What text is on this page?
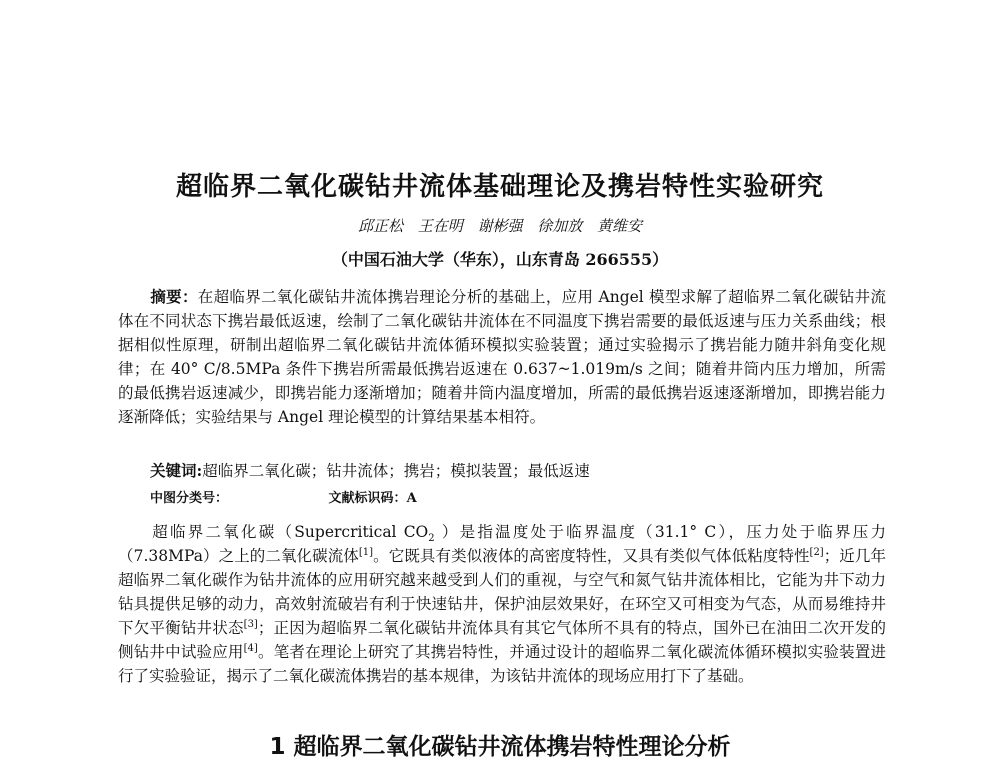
超临界二氧化碳钻井流体基础理论及携岩特性实验研究
邱正松 王在明 谢彬强 徐加放 黄维安
（中国石油大学（华东），山东青岛 266555）
摘要：在超临界二氧化碳钻井流体携岩理论分析的基础上，应用 Angel 模型求解了超临界二氧化碳钻井流体在不同状态下携岩最低返速，绘制了二氧化碳钻井流体在不同温度下携岩需要的最低返速与压力关系曲线；根据相似性原理，研制出超临界二氧化碳钻井流体循环模拟实验装置；通过实验揭示了携岩能力随井斜角变化规律；在 40° C/8.5MPa 条件下携岩所需最低携岩返速在 0.637~1.019m/s 之间；随着井筒内压力增加，所需的最低携岩返速减少，即携岩能力逐渐增加；随着井筒内温度增加，所需的最低携岩返速逐渐增加，即携岩能力逐渐降低；实验结果与 Angel 理论模型的计算结果基本相符。
关键词:超临界二氧化碳；钻井流体；携岩；模拟装置；最低返速
中图分类号：	文献标识码：A
超临界二氧化碳（Supercritical $CO_2$ ）是指温度处于临界温度（31.1° C），压力处于临界压力（7.38MPa）之上的二氧化碳流体[1]。它既具有类似液体的高密度特性，又具有类似气体低粘度特性[2]；近几年超临界二氧化碳作为钻井流体的应用研究越来越受到人们的重视，与空气和氮气钻井流体相比，它能为井下动力钻具提供足够的动力，高效射流破岩有利于快速钻井，保护油层效果好，在环空又可相变为气态，从而易维持井下欠平衡钻井状态[3]；正因为超临界二氧化碳钻井流体具有其它气体所不具有的特点，国外已在油田二次开发的侧钻井中试验应用[4]。笔者在理论上研究了其携岩特性，并通过设计的超临界二氧化碳流体循环模拟实验装置进行了实验验证，揭示了二氧化碳流体携岩的基本规律，为该钻井流体的现场应用打下了基础。
1 超临界二氧化碳钻井流体携岩特性理论分析
